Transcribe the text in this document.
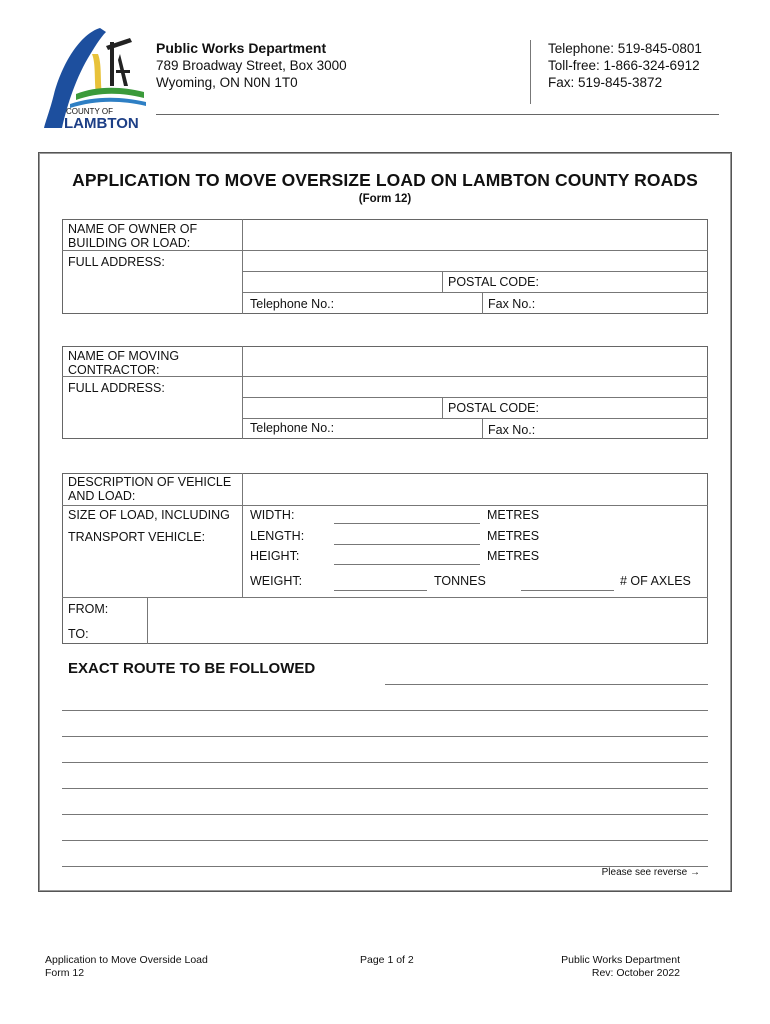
COUNTY OF
LAMBTON
Public Works Department
789 Broadway Street, Box 3000
Wyoming, ON N0N 1T0
Telephone: 519-845-0801
Toll-free: 1-866-324-6912
Fax: 519-845-3872
APPLICATION TO MOVE OVERSIZE LOAD ON LAMBTON COUNTY ROADS
(Form 12)
NAME OF OWNER OF
BUILDING OR LOAD:
FULL ADDRESS:
POSTAL CODE:
Telephone No.:	Fax No.:
NAME OF MOVING
CONTRACTOR:
FULL ADDRESS:
POSTAL CODE:
Telephone No.:	Fax No.:
DESCRIPTION OF VEHICLE
AND LOAD:
SIZE OF LOAD, INCLUDING
TRANSPORT VEHICLE:
WIDTH:	METRES
LENGTH:	METRES
HEIGHT:	METRES
WEIGHT:	TONNES	# OF AXLES
FROM:
TO:
EXACT ROUTE TO BE FOLLOWED
Please see reverse →
Application to Move Overside Load
Form 12
Page 1 of 2	Public Works Department
Rev: October 2022
